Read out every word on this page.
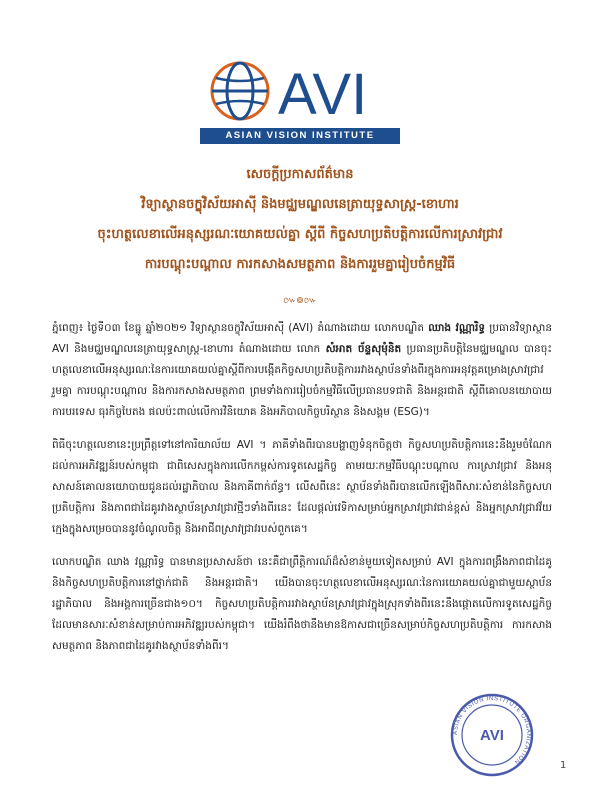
AVI
ASIAN VISION INSTITUTE
សេចក្តីប្រកាសព័ត៌មាន
វិទ្យាស្ថានចក្ខុវិស័យអាស៊ី និងមជ្ឈមណ្ឌលនេត្រាយុទ្ធសាស្ត្រ-ខោហារ
ចុះហត្ថលេខាលើអនុស្សរណៈយោគយល់គ្នា ស្តីពី កិច្ចសហប្រតិបត្តិការលើការស្រាវជ្រាវ
ការបណ្តុះបណ្តាល ការកសាងសមត្ថភាព និងការរួមគ្នារៀបចំកម្មវិធី
៚៙៚

ភ្នំពេញ៖ ថ្ងៃទី០៣ ខែធ្នូ ឆ្នាំ២០២១ វិទ្យាស្ថានចក្ខុវិស័យអាស៊ី (AVI) តំណាងដោយ លោកបណ្ឌិត ឈាង វណ្ណារិទ្ធ ប្រធានវិទ្យាស្ថាន AVI និងមជ្ឈមណ្ឌលនេត្រាយុទ្ធសាស្ត្រ-ខោហារ តំណាងដោយ លោក សំអាត ច័ន្ទសុមុំនិត ប្រធានប្រតិបត្តិនៃមជ្ឈមណ្ឌល បានចុះហត្ថលេខាលើអនុស្សរណៈនៃការយោគយល់គ្នាស្តីពីការបង្កើតកិច្ចសហប្រតិបត្តិការរវាងស្ថាប័នទាំងពីរក្នុងការអនុវត្តគម្រោងស្រាវជ្រាវរួមគ្នា ការបណ្តុះបណ្តាល និងការកសាងសមត្ថភាព ព្រមទាំងការរៀបចំកម្មវិធីលើប្រធានបទជាតិ និងអន្តរជាតិ ស្តីពីគោលនយោបាយការបរទេស ធុរកិច្ចបៃតង ផលប៉ះពាល់លើការវិនិយោគ និងអភិបាលកិច្ចបរិស្ថាន និងសង្គម (ESG)។

ពិធីចុះហត្ថលេខានេះប្រព្រឹត្តទៅនៅការិយាល័យ AVI ។ ភាគីទាំងពីរបានបង្ហាញទំនុកចិត្តថា កិច្ចសហប្រតិបត្តិការនេះនឹងរួមចំណែកដល់ការអភិវឌ្ឍន៍របស់កម្ពុជា ជាពិសេសក្នុងការលើកកម្ពស់ការទូតសេដ្ឋកិច្ច តាមរយៈកម្មវិធីបណ្តុះបណ្តាល ការស្រាវជ្រាវ និងអនុសាសន៍គោលនយោបាយជូនដល់រដ្ឋាភិបាល និងភាគីពាក់ព័ន្ធ។ លើសពីនេះ ស្ថាប័នទាំងពីរបានលើកឡើងពីសារៈសំខាន់នៃកិច្ចសហប្រតិបត្តិការ និងភាពជាដៃគូរវាងស្ថាប័នស្រាវជ្រាវថ្មីៗទាំងពីរនេះ ដែលផ្តល់វេទិកាសម្រាប់អ្នកស្រាវជ្រាវជាន់ខ្ពស់ និងអ្នកស្រាវជ្រាវវ័យក្មេងក្នុងសម្រេចបាននូវចំណូលចិត្ត និងអាជីពស្រាវជ្រាវរបស់ពួកគេ។

លោកបណ្ឌិត ឈាង វណ្ណារិទ្ធ បានមានប្រសាសន៍ថា នេះគឺជាព្រឹត្តិការណ៍ដ៏សំខាន់មួយទៀតសម្រាប់ AVI ក្នុងការពង្រឹងភាពជាដៃគូ និងកិច្ចសហប្រតិបត្តិការនៅថ្នាក់ជាតិ និងអន្តរជាតិ។ យើងបានចុះហត្ថលេខាលើអនុស្សរណៈនៃការយោគយល់គ្នាជាមួយស្ថាប័នរដ្ឋាភិបាល និងអង្គការច្រើនជាង១០។ កិច្ចសហប្រតិបត្តិការរវាងស្ថាប័នស្រាវជ្រាវក្នុងស្រុកទាំងពីរនេះនឹងផ្តោតលើការទូតសេដ្ឋកិច្ច ដែលមានសារៈសំខាន់សម្រាប់ការអភិវឌ្ឍរបស់កម្ពុជា។ យើងរំពឹងថានឹងមានឱកាសជាច្រើនសម្រាប់កិច្ចសហប្រតិបត្តិការ ការកសាងសមត្ថភាព និងភាពជាដៃគូរវាងស្ថាប័នទាំងពីរ។

ASIAN VISION INSTITUTE ORGANIZATION
AVI
1
